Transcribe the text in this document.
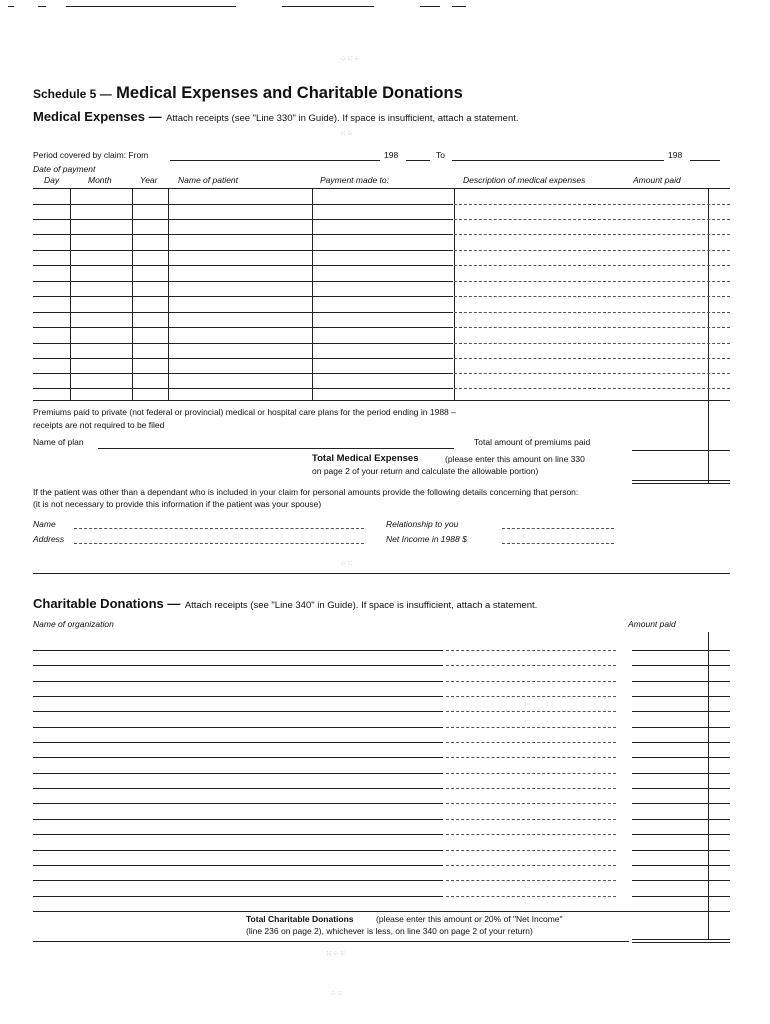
⁘⁙⁘
⁙⁘
Schedule 5 — Medical Expenses and Charitable Donations
Medical Expenses — Attach receipts (see "Line 330" in Guide). If space is insufficient, attach a statement.
Period covered by claim: From	198	To	198
Date of payment
Day	Month	Year Name of patient	Payment made to:	Description of medical expenses	Amount paid
Premiums paid to private (not federal or provincial) medical or hospital care plans for the period ending in 1988 –
receipts are not required to be filed
Name of plan	Total amount of premiums paid
Total Medical Expenses	(please enter this amount on line 330
on page 2 of your return and calculate the allowable portion)
If the patient was other than a dependant who is included in your claim for personal amounts provide the following details concerning that person:
(it is not necessary to provide this information if the patient was your spouse)
Name	Relationship to you
Address	Net Income in 1988 $
⁘⁙
Charitable Donations — Attach receipts (see "Line 340" in Guide). If space is insufficient, attach a statement.
Name of organization	Amount paid
Total Charitable Donations	(please enter this amount or 20% of "Net Income"
(line 236 on page 2), whichever is less, on line 340 on page 2 of your return)
⁙⁘⁙
⁘⁙
